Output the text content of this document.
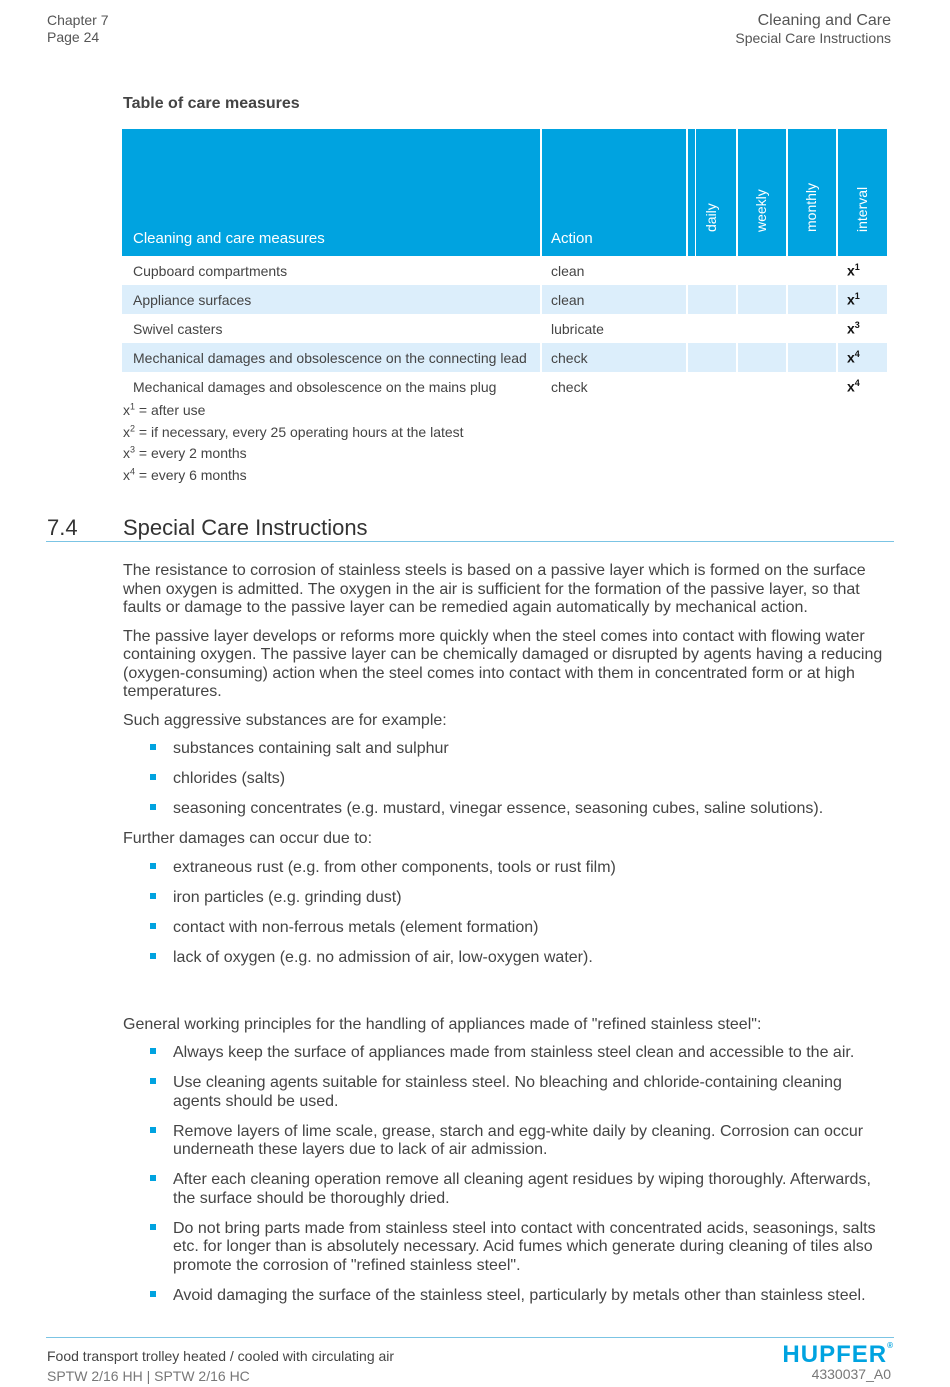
Chapter 7
Page 24
Cleaning and Care
Special Care Instructions
Table of care measures
Cleaning and care measures	Action	daily	weekly	monthly	interval

Cupboard compartments	clean				$x^1$
Appliance surfaces	clean				$x^1$
Swivel casters	lubricate				$x^3$
Mechanical damages and obsolescence on the connecting lead	check				$x^4$
Mechanical damages and obsolescence on the mains plug	check				$x^4$
$x^1$ = after use
$x^2$ = if necessary, every 25 operating hours at the latest
$x^3$ = every 2 months
$x^4$ = every 6 months
7.4 Special Care Instructions

The resistance to corrosion of stainless steels is based on a passive layer which is formed on the surface when oxygen is admitted. The oxygen in the air is sufficient for the formation of the passive layer, so that faults or damage to the passive layer can be remedied again automatically by mechanical action.

The passive layer develops or reforms more quickly when the steel comes into contact with flowing water containing oxygen. The passive layer can be chemically damaged or disrupted by agents having a reducing (oxygen-consuming) action when the steel comes into contact with them in concentrated form or at high temperatures.

Such aggressive substances are for example:

substances containing salt and sulphur
chlorides (salts)
seasoning concentrates (e.g. mustard, vinegar essence, seasoning cubes, saline solutions).

Further damages can occur due to:

extraneous rust (e.g. from other components, tools or rust film)
iron particles (e.g. grinding dust)
contact with non-ferrous metals (element formation)
lack of oxygen (e.g. no admission of air, low-oxygen water).

General working principles for the handling of appliances made of "refined stainless steel":

Always keep the surface of appliances made from stainless steel clean and accessible to the air.
Use cleaning agents suitable for stainless steel. No bleaching and chloride-containing cleaning agents should be used.
Remove layers of lime scale, grease, starch and egg-white daily by cleaning. Corrosion can occur underneath these layers due to lack of air admission.
After each cleaning operation remove all cleaning agent residues by wiping thoroughly. Afterwards, the surface should be thoroughly dried.
Do not bring parts made from stainless steel into contact with concentrated acids, seasonings, salts etc. for longer than is absolutely necessary. Acid fumes which generate during cleaning of tiles also promote the corrosion of "refined stainless steel".
Avoid damaging the surface of the stainless steel, particularly by metals other than stainless steel.
Food transport trolley heated / cooled with circulating air
SPTW 2/16 HH | SPTW 2/16 HC
HUPFER®
4330037_A0
